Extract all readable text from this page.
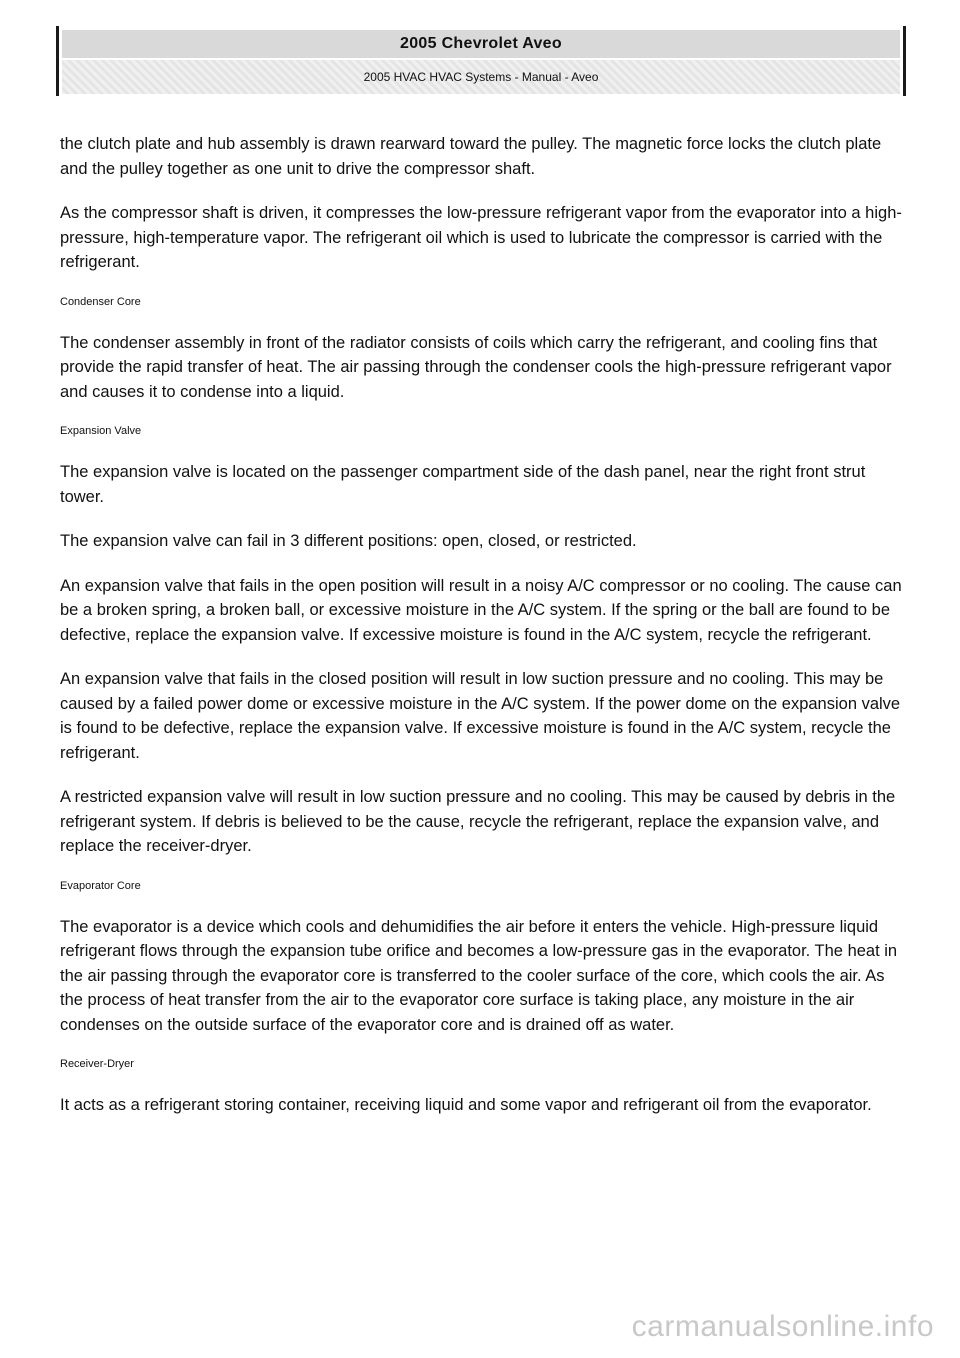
2005 Chevrolet Aveo
2005 HVAC HVAC Systems - Manual - Aveo

the clutch plate and hub assembly is drawn rearward toward the pulley. The magnetic force locks the clutch plate and the pulley together as one unit to drive the compressor shaft.

As the compressor shaft is driven, it compresses the low-pressure refrigerant vapor from the evaporator into a high-pressure, high-temperature vapor. The refrigerant oil which is used to lubricate the compressor is carried with the refrigerant.

Condenser Core

The condenser assembly in front of the radiator consists of coils which carry the refrigerant, and cooling fins that provide the rapid transfer of heat. The air passing through the condenser cools the high-pressure refrigerant vapor and causes it to condense into a liquid.

Expansion Valve

The expansion valve is located on the passenger compartment side of the dash panel, near the right front strut tower.

The expansion valve can fail in 3 different positions: open, closed, or restricted.

An expansion valve that fails in the open position will result in a noisy A/C compressor or no cooling. The cause can be a broken spring, a broken ball, or excessive moisture in the A/C system. If the spring or the ball are found to be defective, replace the expansion valve. If excessive moisture is found in the A/C system, recycle the refrigerant.

An expansion valve that fails in the closed position will result in low suction pressure and no cooling. This may be caused by a failed power dome or excessive moisture in the A/C system. If the power dome on the expansion valve is found to be defective, replace the expansion valve. If excessive moisture is found in the A/C system, recycle the refrigerant.

A restricted expansion valve will result in low suction pressure and no cooling. This may be caused by debris in the refrigerant system. If debris is believed to be the cause, recycle the refrigerant, replace the expansion valve, and replace the receiver-dryer.

Evaporator Core

The evaporator is a device which cools and dehumidifies the air before it enters the vehicle. High-pressure liquid refrigerant flows through the expansion tube orifice and becomes a low-pressure gas in the evaporator. The heat in the air passing through the evaporator core is transferred to the cooler surface of the core, which cools the air. As the process of heat transfer from the air to the evaporator core surface is taking place, any moisture in the air condenses on the outside surface of the evaporator core and is drained off as water.

Receiver-Dryer

It acts as a refrigerant storing container, receiving liquid and some vapor and refrigerant oil from the evaporator.

carmanualsonline.info
